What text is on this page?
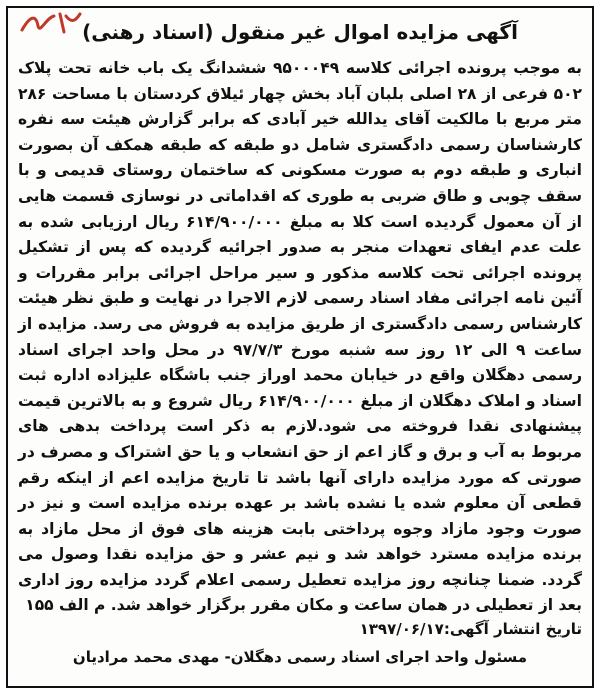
آگهی مزایده اموال غیر منقول (اسناد رهنی)
به موجب پرونده اجرائی کلاسه ۹۵۰۰۰۴۹ ششدانگ یک باب خانه تحت پلاک ۵۰۲ فرعی از ۲۸ اصلی بلبان آباد بخش چهار ئیلاق کردستان با مساحت ۲۸۶ متر مربع با مالکیت آقای یدالله خیر آبادی که برابر گزارش هیئت سه نفره کارشناسان رسمی دادگستری شامل دو طبقه که طبقه همکف آن بصورت انباری و طبقه دوم به صورت مسکونی که ساختمان روستای قدیمی و با سقف چوبی و طاق ضربی به طوری که اقداماتی در نوسازی قسمت هایی از آن معمول گردیده است کلا به مبلغ ۶۱۴/۹۰۰/۰۰۰ ریال ارزیابی شده به علت عدم ایفای تعهدات منجر به صدور اجرائیه گردیده که پس از تشکیل پرونده اجرائی تحت کلاسه مذکور و سیر مراحل اجرائی برابر مقررات و آئین نامه اجرائی مفاد اسناد رسمی لازم الاجرا در نهایت و طبق نظر هیئت کارشناس رسمی دادگستری از طریق مزایده به فروش می رسد. مزایده از ساعت ۹ الی ۱۲ روز سه شنبه مورخ ۹۷/۷/۳ در محل واحد اجرای اسناد رسمی دهگلان واقع در خیابان محمد اوراز جنب باشگاه علیزاده اداره ثبت اسناد و املاک دهگلان از مبلغ ۶۱۴/۹۰۰/۰۰۰ ریال شروع و به بالاترین قیمت پیشنهادی نقدا فروخته می شود.لازم به ذکر است پرداخت بدهی های مربوط به آب و برق و گاز اعم از حق انشعاب و یا حق اشتراک و مصرف در صورتی که مورد مزایده دارای آنها باشد تا تاریخ مزایده اعم از اینکه رقم قطعی آن معلوم شده یا نشده باشد بر عهده برنده مزایده است و نیز در صورت وجود مازاد وجوه پرداختی بابت هزینه های فوق از محل مازاد به برنده مزایده مسترد خواهد شد و نیم عشر و حق مزایده نقدا وصول می گردد. ضمنا چنانچه روز مزایده تعطیل رسمی اعلام گردد مزایده روز اداری بعد از تعطیلی در همان ساعت و مکان مقرر برگزار خواهد شد. م الف ۱۵۵
تاریخ انتشار آگهی:۱۳۹۷/۰۶/۱۷
مسئول واحد اجرای اسناد رسمی دهگلان- مهدی محمد مرادیان
